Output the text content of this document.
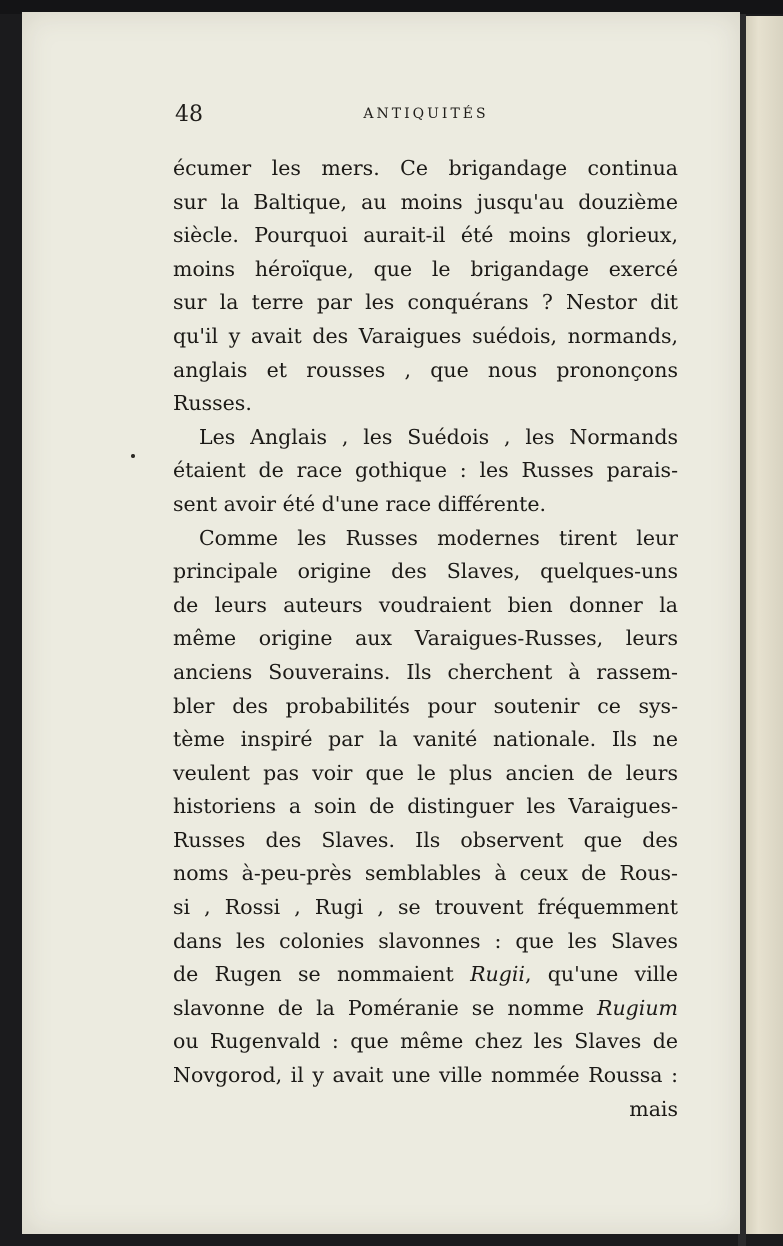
48	ANTIQUITÉS
écumer les mers. Ce brigandage continua
sur la Baltique, au moins jusqu'au douzième
siècle. Pourquoi aurait-il été moins glorieux,
moins héroïque, que le brigandage exercé
sur la terre par les conquérans ? Nestor dit
qu'il y avait des Varaigues suédois, normands,
anglais et rousses , que nous prononçons
Russes.
Les Anglais , les Suédois , les Normands
étaient de race gothique : les Russes parais-
sent avoir été d'une race différente.
Comme les Russes modernes tirent leur
principale origine des Slaves, quelques-uns
de leurs auteurs voudraient bien donner la
même origine aux Varaigues-Russes, leurs
anciens Souverains. Ils cherchent à rassem-
bler des probabilités pour soutenir ce sys-
tème inspiré par la vanité nationale. Ils ne
veulent pas voir que le plus ancien de leurs
historiens a soin de distinguer les Varaigues-
Russes des Slaves. Ils observent que des
noms à-peu-près semblables à ceux de Rous-
si , Rossi , Rugi , se trouvent fréquemment
dans les colonies slavonnes : que les Slaves
de Rugen se nommaient Rugii, qu'une ville
slavonne de la Poméranie se nomme Rugium
ou Rugenvald : que même chez les Slaves de
Novgorod, il y avait une ville nommée Roussa :
mais
